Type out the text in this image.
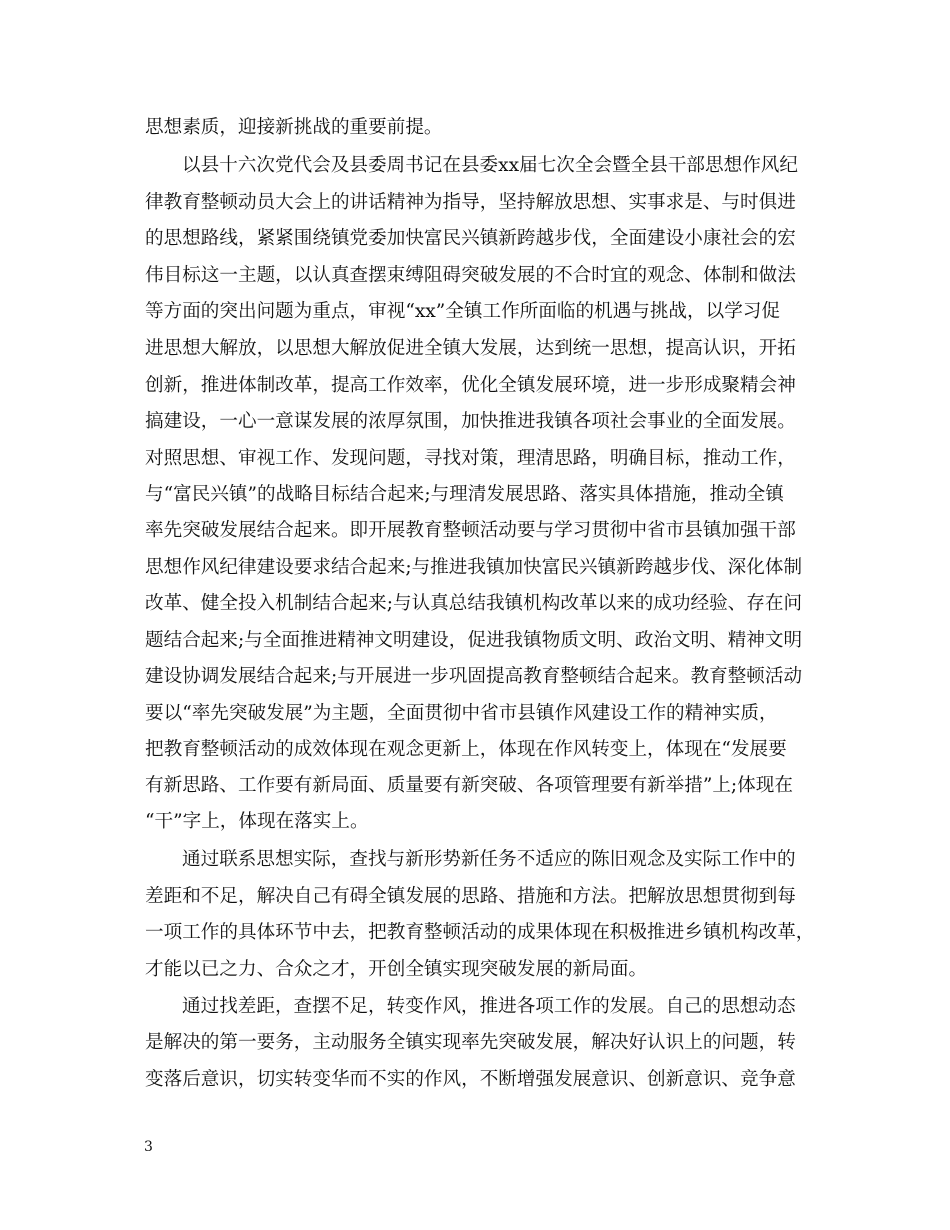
思想素质，迎接新挑战的重要前提。
以县十六次党代会及县委周书记在县委xx届七次全会暨全县干部思想作风纪
律教育整顿动员大会上的讲话精神为指导，坚持解放思想、实事求是、与时俱进
的思想路线，紧紧围绕镇党委加快富民兴镇新跨越步伐，全面建设小康社会的宏
伟目标这一主题，以认真查摆束缚阻碍突破发展的不合时宜的观念、体制和做法
等方面的突出问题为重点，审视“xx”全镇工作所面临的机遇与挑战，以学习促
进思想大解放，以思想大解放促进全镇大发展，达到统一思想，提高认识，开拓
创新，推进体制改革，提高工作效率，优化全镇发展环境，进一步形成聚精会神
搞建设，一心一意谋发展的浓厚氛围，加快推进我镇各项社会事业的全面发展。
对照思想、审视工作、发现问题，寻找对策，理清思路，明确目标，推动工作，
与“富民兴镇”的战略目标结合起来;与理清发展思路、落实具体措施，推动全镇
率先突破发展结合起来。即开展教育整顿活动要与学习贯彻中省市县镇加强干部
思想作风纪律建设要求结合起来;与推进我镇加快富民兴镇新跨越步伐、深化体制
改革、健全投入机制结合起来;与认真总结我镇机构改革以来的成功经验、存在问
题结合起来;与全面推进精神文明建设，促进我镇物质文明、政治文明、精神文明
建设协调发展结合起来;与开展进一步巩固提高教育整顿结合起来。教育整顿活动
要以“率先突破发展”为主题，全面贯彻中省市县镇作风建设工作的精神实质，
把教育整顿活动的成效体现在观念更新上，体现在作风转变上，体现在“发展要
有新思路、工作要有新局面、质量要有新突破、各项管理要有新举措”上;体现在
“干”字上，体现在落实上。
通过联系思想实际，查找与新形势新任务不适应的陈旧观念及实际工作中的
差距和不足，解决自己有碍全镇发展的思路、措施和方法。把解放思想贯彻到每
一项工作的具体环节中去，把教育整顿活动的成果体现在积极推进乡镇机构改革，
才能以已之力、合众之才，开创全镇实现突破发展的新局面。
通过找差距，查摆不足，转变作风，推进各项工作的发展。自己的思想动态
是解决的第一要务，主动服务全镇实现率先突破发展，解决好认识上的问题，转
变落后意识，切实转变华而不实的作风，不断增强发展意识、创新意识、竞争意
3
